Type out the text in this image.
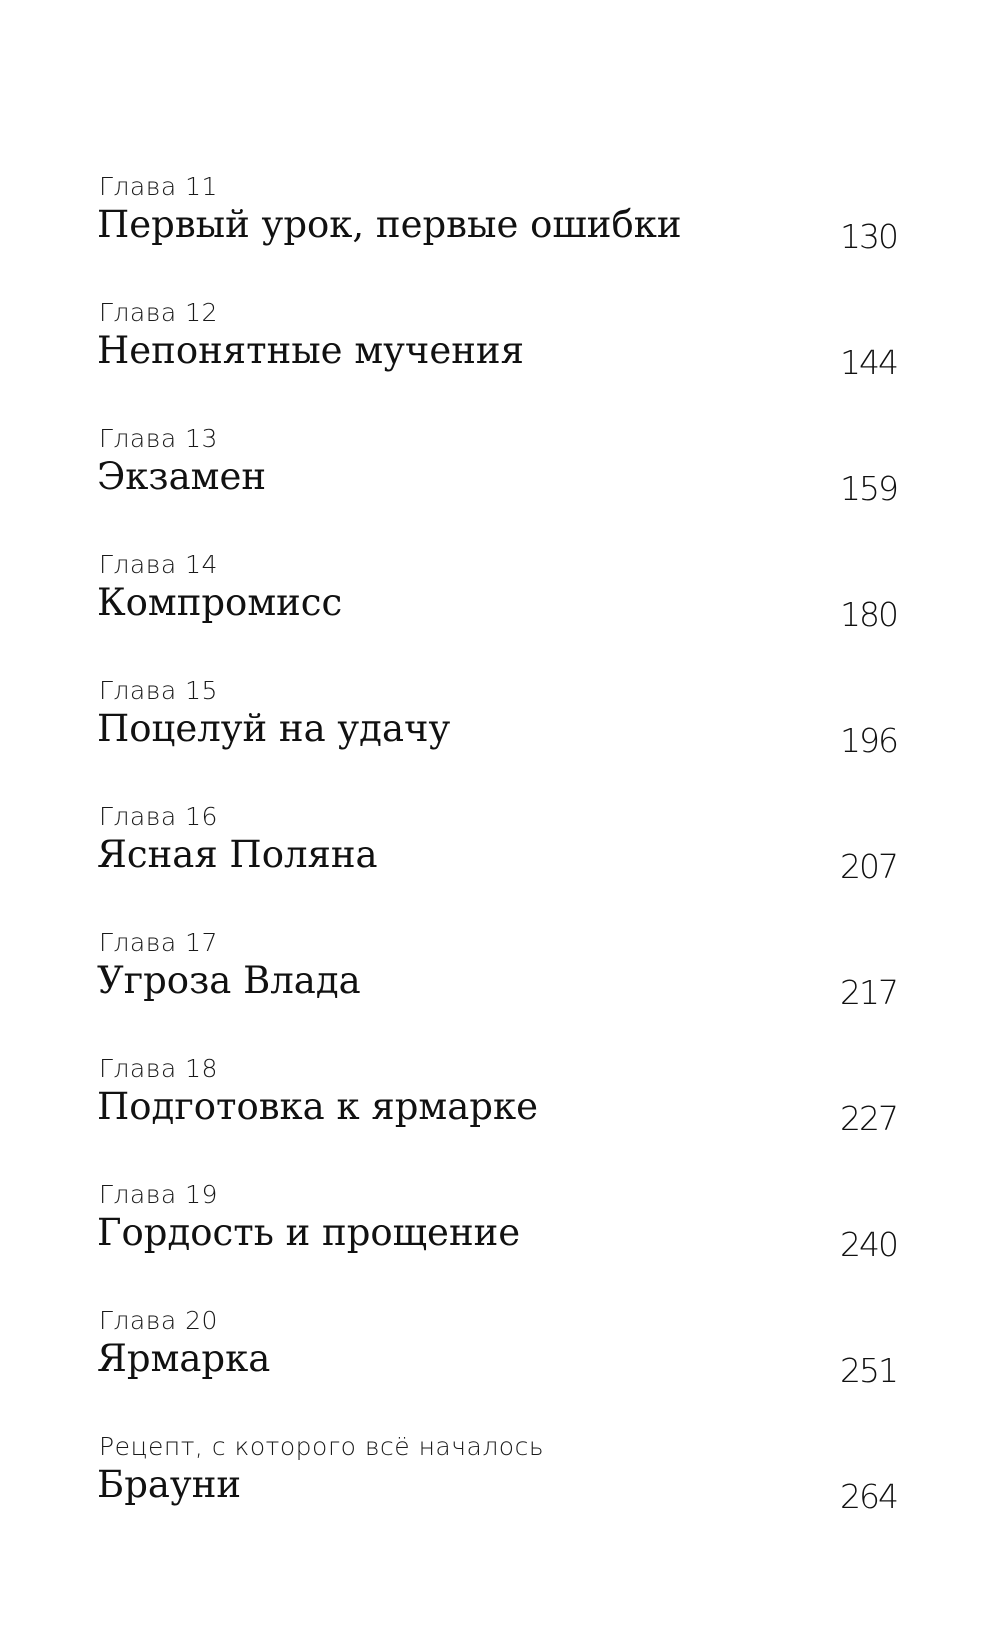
Глава 11
Первый урок, первые ошибки	130
Глава 12
Непонятные мучения	144
Глава 13
Экзамен	159
Глава 14
Компромисс	180
Глава 15
Поцелуй на удачу	196
Глава 16
Ясная Поляна	207
Глава 17
Угроза Влада	217
Глава 18
Подготовка к ярмарке	227
Глава 19
Гордость и прощение	240
Глава 20
Ярмарка	251
Рецепт, с которого всё началось
Брауни	264
